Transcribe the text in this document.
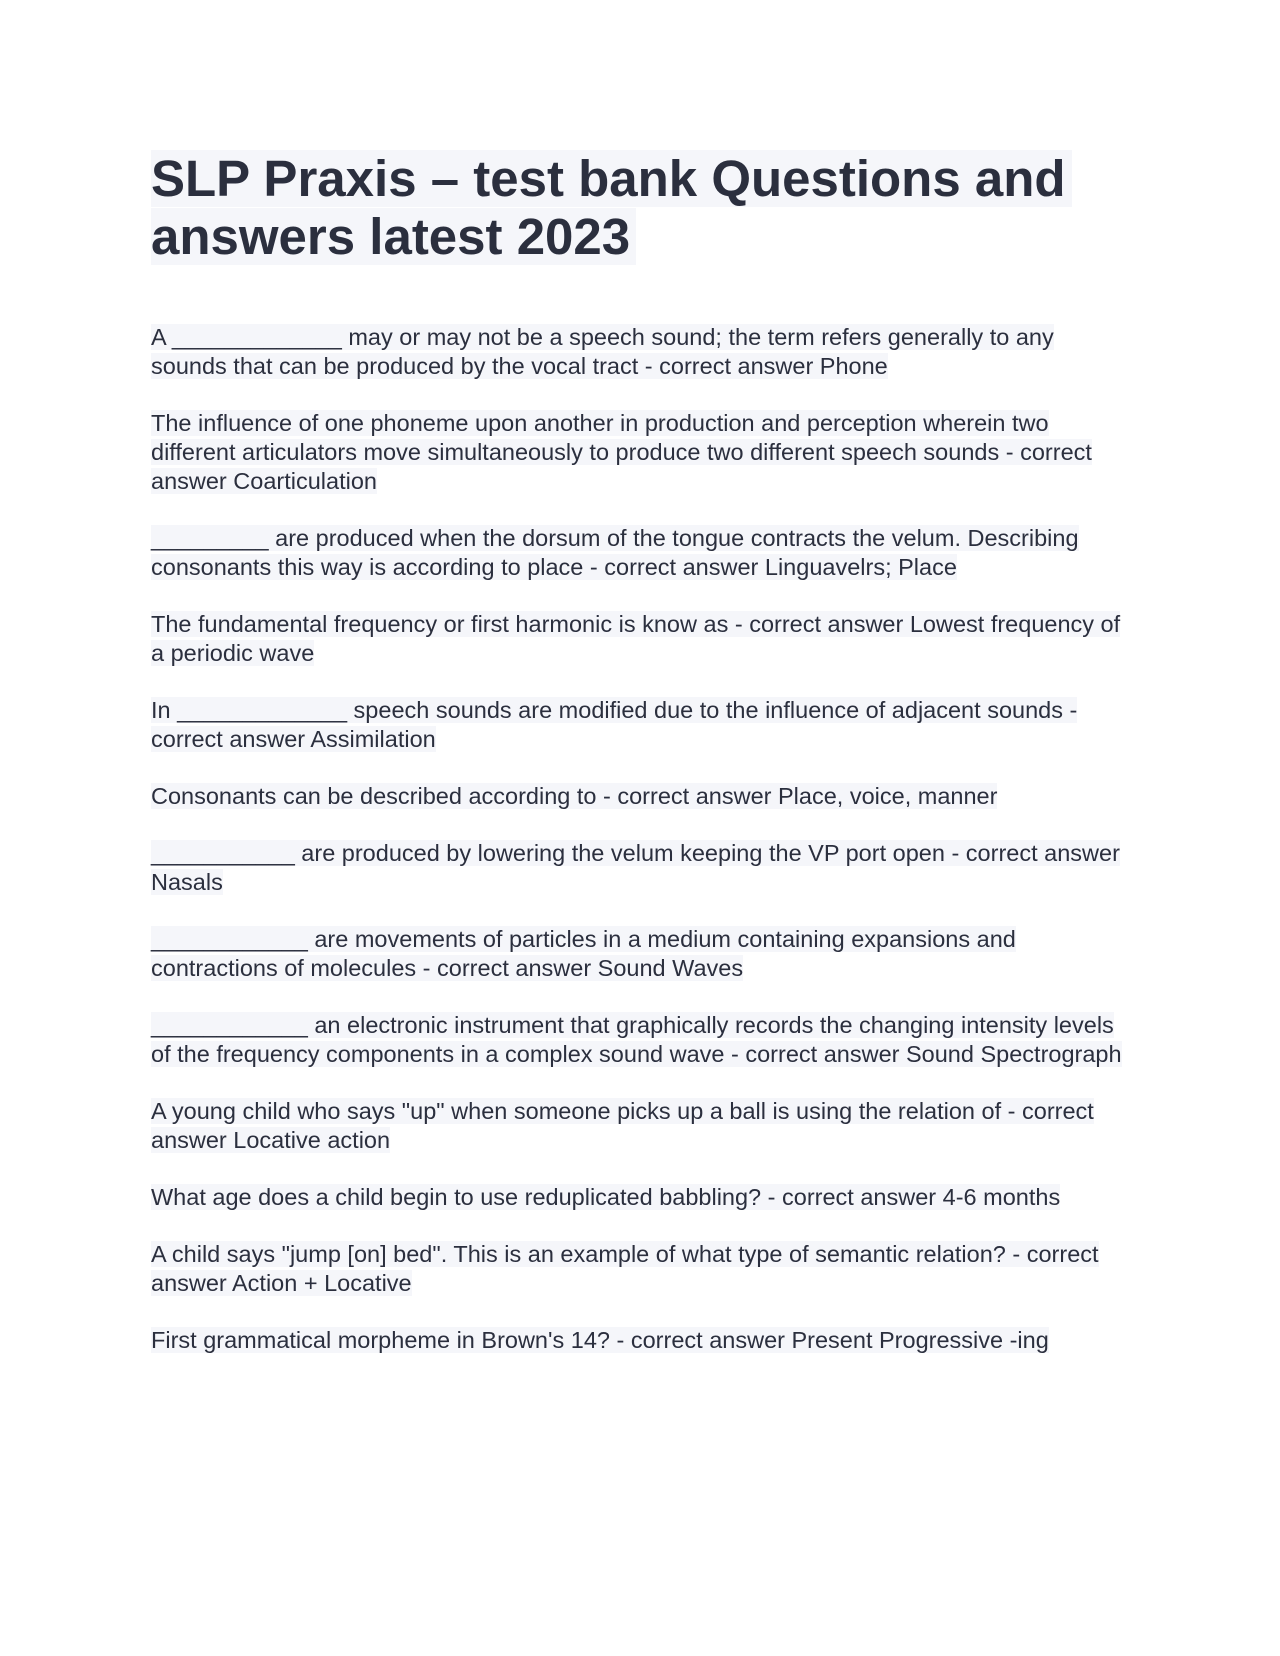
SLP Praxis – test bank Questions and answers latest 2023

A _____________ may or may not be a speech sound; the term refers generally to any sounds that can be produced by the vocal tract - correct answer Phone

The influence of one phoneme upon another in production and perception wherein two different articulators move simultaneously to produce two different speech sounds - correct answer Coarticulation

_________ are produced when the dorsum of the tongue contracts the velum. Describing consonants this way is according to place - correct answer Linguavelrs; Place

The fundamental frequency or first harmonic is know as - correct answer Lowest frequency of a periodic wave

In _____________ speech sounds are modified due to the influence of adjacent sounds - correct answer Assimilation

Consonants can be described according to - correct answer Place, voice, manner

___________ are produced by lowering the velum keeping the VP port open - correct answer Nasals

____________ are movements of particles in a medium containing expansions and contractions of molecules - correct answer Sound Waves

____________ an electronic instrument that graphically records the changing intensity levels of the frequency components in a complex sound wave - correct answer Sound Spectrograph

A young child who says "up" when someone picks up a ball is using the relation of - correct answer Locative action

What age does a child begin to use reduplicated babbling? - correct answer 4-6 months

A child says "jump [on] bed". This is an example of what type of semantic relation? - correct answer Action + Locative

First grammatical morpheme in Brown's 14? - correct answer Present Progressive -ing
